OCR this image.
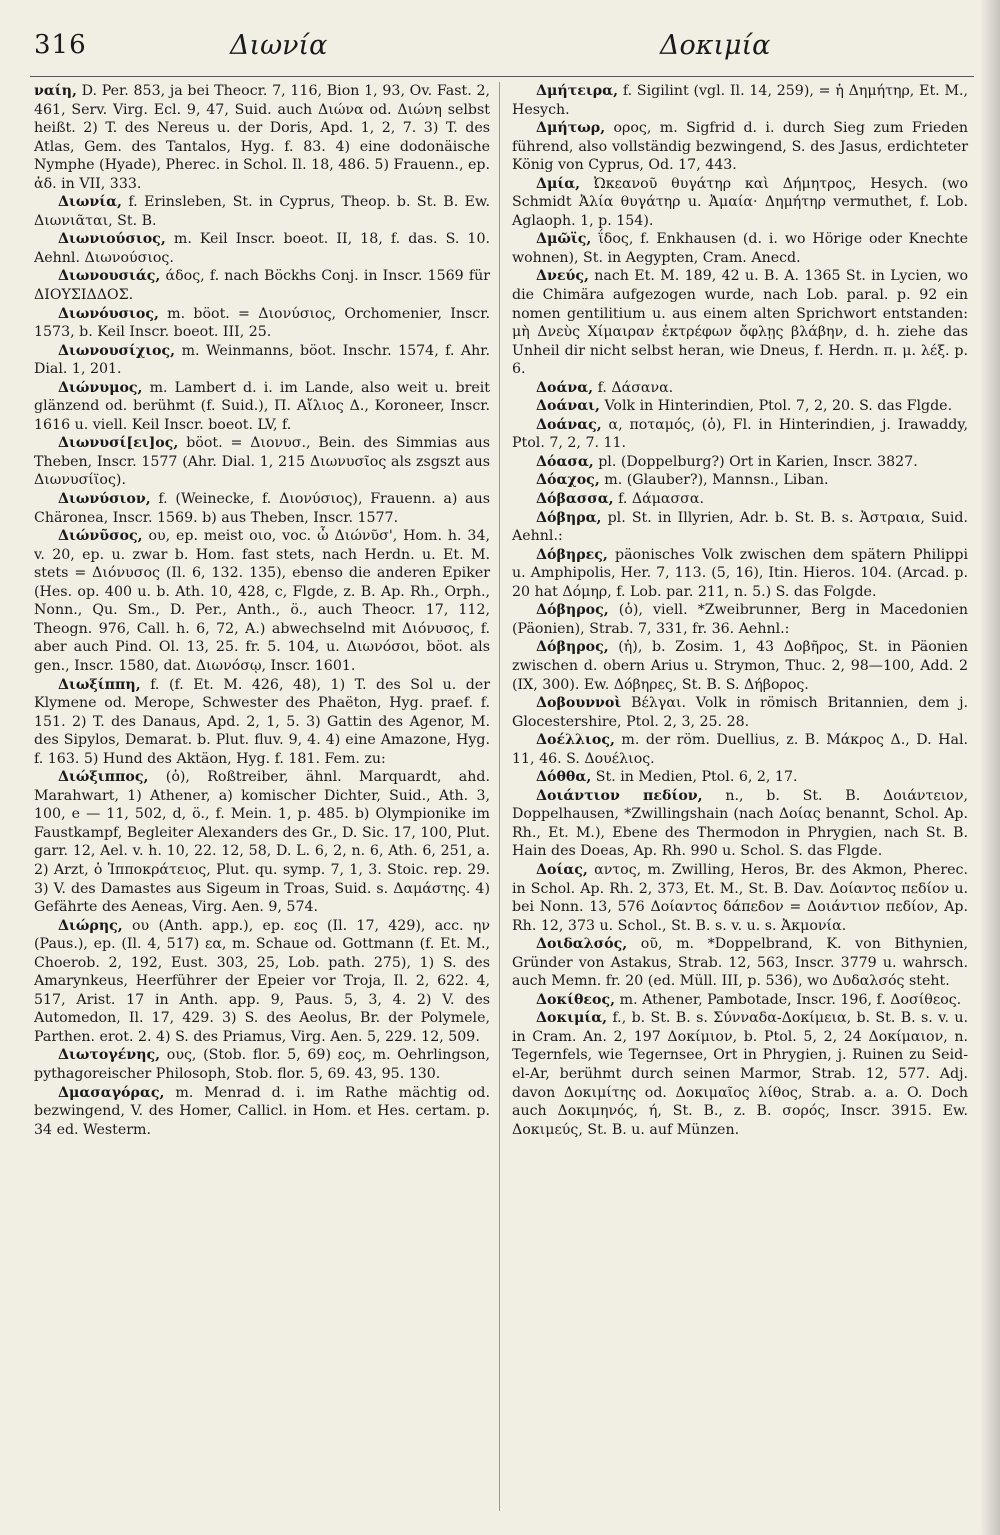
316	Διωνία	Δοκιμία

ναίη, D. Per. 853, ja bei Theocr. 7, 116, Bion 1, 93, Ov. Fast. 2, 461, Serv. Virg. Ecl. 9, 47, Suid. auch Διώνα od. Διώνη selbst heißt. 2) T. des Nereus u. der Doris, Apd. 1, 2, 7. 3) T. des Atlas, Gem. des Tantalos, Hyg. f. 83. 4) eine dodonäische Nymphe (Hyade), Pherec. in Schol. Il. 18, 486. 5) Frauenn., ep. ἀδ. in VII, 333.

Διωνία, f. Erinsleben, St. in Cyprus, Theop. b. St. B. Ew. Διωνιᾶται, St. B.

Διωνιούσιος, m. Keil Inscr. boeot. II, 18, f. das. S. 10. Aehnl. Διωνούσιος.

Διωνουσιάς, άδος, f. nach Böckhs Conj. in Inscr. 1569 für ΔΙΟΥΣΙΔΔΟΣ.

Διωνόυσιος, m. böot. = Διονύσιος, Orchomenier, Inscr. 1573, b. Keil Inscr. boeot. III, 25.

Διωνουσίχιος, m. Weinmanns, böot. Inschr. 1574, f. Ahr. Dial. 1, 201.

Διώνυμος, m. Lambert d. i. im Lande, also weit u. breit glänzend od. berühmt (f. Suid.), Π. Αἴλιος Δ., Koroneer, Inscr. 1616 u. viell. Keil Inscr. boeot. LV, f.

Διωνυσί[ει]ος, böot. = Διονυσ., Bein. des Simmias aus Theben, Inscr. 1577 (Ahr. Dial. 1, 215 Διωνυσῖος als zsgszt aus Διωνυσίϊος).

Διωνύσιον, f. (Weinecke, f. Διονύσιος), Frauenn. a) aus Chäronea, Inscr. 1569. b) aus Theben, Inscr. 1577.

Διώνῦσος, ου, ep. meist οιο, voc. ὦ Διώνῦσ', Hom. h. 34, v. 20, ep. u. zwar b. Hom. fast stets, nach Herdn. u. Et. M. stets = Διόνυσος (Il. 6, 132. 135), ebenso die anderen Epiker (Hes. op. 400 u. b. Ath. 10, 428, c, Flgde, z. B. Ap. Rh., Orph., Nonn., Qu. Sm., D. Per., Anth., ö., auch Theocr. 17, 112, Theogn. 976, Call. h. 6, 72, A.) abwechselnd mit Διόνυσος, f. aber auch Pind. Ol. 13, 25. fr. 5. 104, u. Διωνόσοι, böot. als gen., Inscr. 1580, dat. Διωνόσῳ, Inscr. 1601.

Διωξίππη, f. (f. Et. M. 426, 48), 1) T. des Sol u. der Klymene od. Merope, Schwester des Phaëton, Hyg. praef. f. 151. 2) T. des Danaus, Apd. 2, 1, 5. 3) Gattin des Agenor, M. des Sipylos, Demarat. b. Plut. fluv. 9, 4. 4) eine Amazone, Hyg. f. 163. 5) Hund des Aktäon, Hyg. f. 181. Fem. zu:

Διώξιππος, (ὁ), Roßtreiber, ähnl. Marquardt, ahd. Marahwart, 1) Athener, a) komischer Dichter, Suid., Ath. 3, 100, e — 11, 502, d, ö., f. Mein. 1, p. 485. b) Olympionike im Faustkampf, Begleiter Alexanders des Gr., D. Sic. 17, 100, Plut. garr. 12, Ael. v. h. 10, 22. 12, 58, D. L. 6, 2, n. 6, Ath. 6, 251, a. 2) Arzt, ὁ Ἱπποκράτειος, Plut. qu. symp. 7, 1, 3. Stoic. rep. 29. 3) V. des Damastes aus Sigeum in Troas, Suid. s. Δαμάστης. 4) Gefährte des Aeneas, Virg. Aen. 9, 574.

Διώρης, ου (Anth. app.), ep. εος (Il. 17, 429), acc. ην (Paus.), ep. (Il. 4, 517) εα, m. Schaue od. Gottmann (f. Et. M., Choerob. 2, 192, Eust. 303, 25, Lob. path. 275), 1) S. des Amarynkeus, Heerführer der Epeier vor Troja, Il. 2, 622. 4, 517, Arist. 17 in Anth. app. 9, Paus. 5, 3, 4. 2) V. des Automedon, Il. 17, 429. 3) S. des Aeolus, Br. der Polymele, Parthen. erot. 2. 4) S. des Priamus, Virg. Aen. 5, 229. 12, 509.

Διωτογένης, ους, (Stob. flor. 5, 69) εος, m. Oehrlingson, pythagoreischer Philosoph, Stob. flor. 5, 69. 43, 95. 130.

Δμασαγόρας, m. Menrad d. i. im Rathe mächtig od. bezwingend, V. des Homer, Callicl. in Hom. et Hes. certam. p. 34 ed. Westerm.

Δμήτειρα, f. Sigilint (vgl. Il. 14, 259), = ἡ Δημήτηρ, Et. M., Hesych.

Δμήτωρ, ορος, m. Sigfrid d. i. durch Sieg zum Frieden führend, also vollständig bezwingend, S. des Jasus, erdichteter König von Cyprus, Od. 17, 443.

Δμία, Ὠκεανοῦ θυγάτηρ καὶ Δήμητρος, Hesych. (wo Schmidt Ἀλία θυγάτηρ u. Ἀμαία· Δημήτηρ vermuthet, f. Lob. Aglaoph. 1, p. 154).

Δμῶϊς, ΐδος, f. Enkhausen (d. i. wo Hörige oder Knechte wohnen), St. in Aegypten, Cram. Anecd.

Δνεύς, nach Et. M. 189, 42 u. B. A. 1365 St. in Lycien, wo die Chimära aufgezogen wurde, nach Lob. paral. p. 92 ein nomen gentilitium u. aus einem alten Sprichwort entstanden: μὴ Δνεὺς Χίμαιραν ἐκτρέφων ὄφλῃς βλάβην, d. h. ziehe das Unheil dir nicht selbst heran, wie Dneus, f. Herdn. π. μ. λέξ. p. 6.

Δοάνα, f. Δάσανα.

Δοάναι, Volk in Hinterindien, Ptol. 7, 2, 20. S. das Flgde.

Δοάνας, α, ποταμός, (ὁ), Fl. in Hinterindien, j. Irawaddy, Ptol. 7, 2, 7. 11.

Δόασα, pl. (Doppelburg?) Ort in Karien, Inscr. 3827.

Δόαχος, m. (Glauber?), Mannsn., Liban.

Δόβασσα, f. Δάμασσα.

Δόβηρα, pl. St. in Illyrien, Adr. b. St. B. s. Ἀστραια, Suid. Aehnl.:

Δόβηρες, päonisches Volk zwischen dem spätern Philippi u. Amphipolis, Her. 7, 113. (5, 16), Itin. Hieros. 104. (Arcad. p. 20 hat Δόμηρ, f. Lob. par. 211, n. 5.) S. das Folgde.

Δόβηρος, (ὁ), viell. *Zweibrunner, Berg in Macedonien (Päonien), Strab. 7, 331, fr. 36. Aehnl.:

Δόβηρος, (ἡ), b. Zosim. 1, 43 Δοβῆρος, St. in Päonien zwischen d. obern Arius u. Strymon, Thuc. 2, 98—100, Add. 2 (IX, 300). Ew. Δόβηρες, St. B. S. Δήβορος.

Δοβουννοὶ Βέλγαι. Volk in römisch Britannien, dem j. Glocestershire, Ptol. 2, 3, 25. 28.

Δοέλλιος, m. der röm. Duellius, z. B. Μάκρος Δ., D. Hal. 11, 46. S. Δουέλιος.

Δόθθα, St. in Medien, Ptol. 6, 2, 17.

Δοιάντιον πεδίον, n., b. St. B. Δοιάντειον, Doppelhausen, *Zwillingshain (nach Δοίας benannt, Schol. Ap. Rh., Et. M.), Ebene des Thermodon in Phrygien, nach St. B. Hain des Doeas, Ap. Rh. 990 u. Schol. S. das Flgde.

Δοίας, αντος, m. Zwilling, Heros, Br. des Akmon, Pherec. in Schol. Ap. Rh. 2, 373, Et. M., St. B. Dav. Δοίαντος πεδίον u. bei Nonn. 13, 576 Δοίαντος δάπεδον = Δοιάντιον πεδίον, Ap. Rh. 12, 373 u. Schol., St. B. s. v. u. s. Ἀκμονία.

Δοιδαλσός, οῦ, m. *Doppelbrand, K. von Bithynien, Gründer von Astakus, Strab. 12, 563, Inscr. 3779 u. wahrsch. auch Memn. fr. 20 (ed. Müll. III, p. 536), wo Δυδαλσός steht.

Δοκίθεος, m. Athener, Pambotade, Inscr. 196, f. Δοσίθεος.

Δοκιμία, f., b. St. B. s. Σύνναδα-Δοκίμεια, b. St. B. s. v. u. in Cram. An. 2, 197 Δοκίμιον, b. Ptol. 5, 2, 24 Δοκίμαιον, n. Tegernfels, wie Tegernsee, Ort in Phrygien, j. Ruinen zu Seid-el-Ar, berühmt durch seinen Marmor, Strab. 12, 577. Adj. davon Δοκιμίτης od. Δοκιμαῖος λίθος, Strab. a. a. O. Doch auch Δοκιμηνός, ή, St. B., z. B. σορός, Inscr. 3915. Ew. Δοκιμεύς, St. B. u. auf Münzen.
